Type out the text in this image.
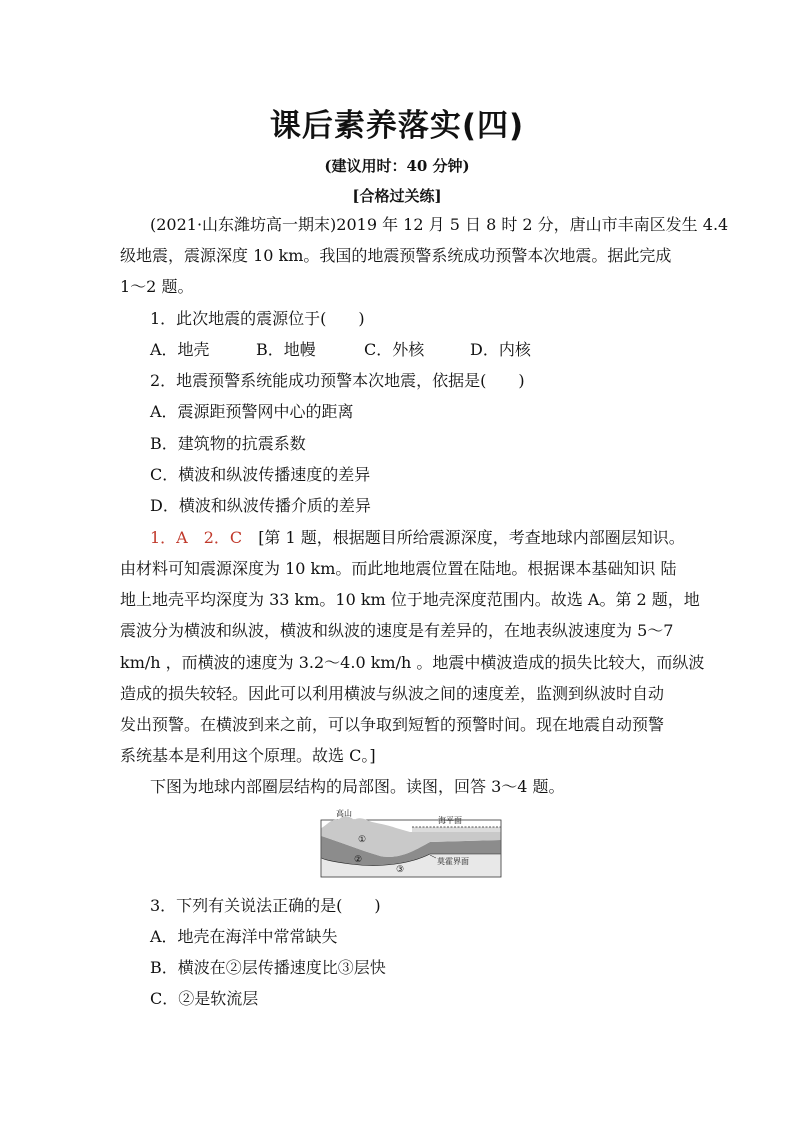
课后素养落实(四)
(建议用时：40 分钟)
[合格过关练]
(2021·山东潍坊高一期末)2019 年 12 月 5 日 8 时 2 分，唐山市丰南区发生 4.4
级地震，震源深度 10 km。我国的地震预警系统成功预警本次地震。据此完成
1～2 题。
1．此次地震的震源位于(　　)
A．地壳	B．地幔	C．外核	D．内核
2．地震预警系统能成功预警本次地震，依据是(　　)
A．震源距预警网中心的距离
B．建筑物的抗震系数
C．横波和纵波传播速度的差异
D．横波和纵波传播介质的差异
1．A　2．C　 [第 1 题，根据题目所给震源深度，考查地球内部圈层知识。
由材料可知震源深度为 10 km。而此地地震位置在陆地。根据课本基础知识 陆
地上地壳平均深度为 33 km。10 km 位于地壳深度范围内。故选 A。第 2 题，地
震波分为横波和纵波，横波和纵波的速度是有差异的，在地表纵波速度为 5～7
km/h ，而横波的速度为 3.2～4.0 km/h 。地震中横波造成的损失比较大，而纵波
造成的损失较轻。因此可以利用横波与纵波之间的速度差，监测到纵波时自动
发出预警。在横波到来之前，可以争取到短暂的预警时间。现在地震自动预警
系统基本是利用这个原理。故选 C。]
下图为地球内部圈层结构的局部图。读图，回答 3～4 题。
高山
海平面
莫霍界面
①
②
③
3．下列有关说法正确的是(　　)
A．地壳在海洋中常常缺失
B．横波在②层传播速度比③层快
C．②是软流层
